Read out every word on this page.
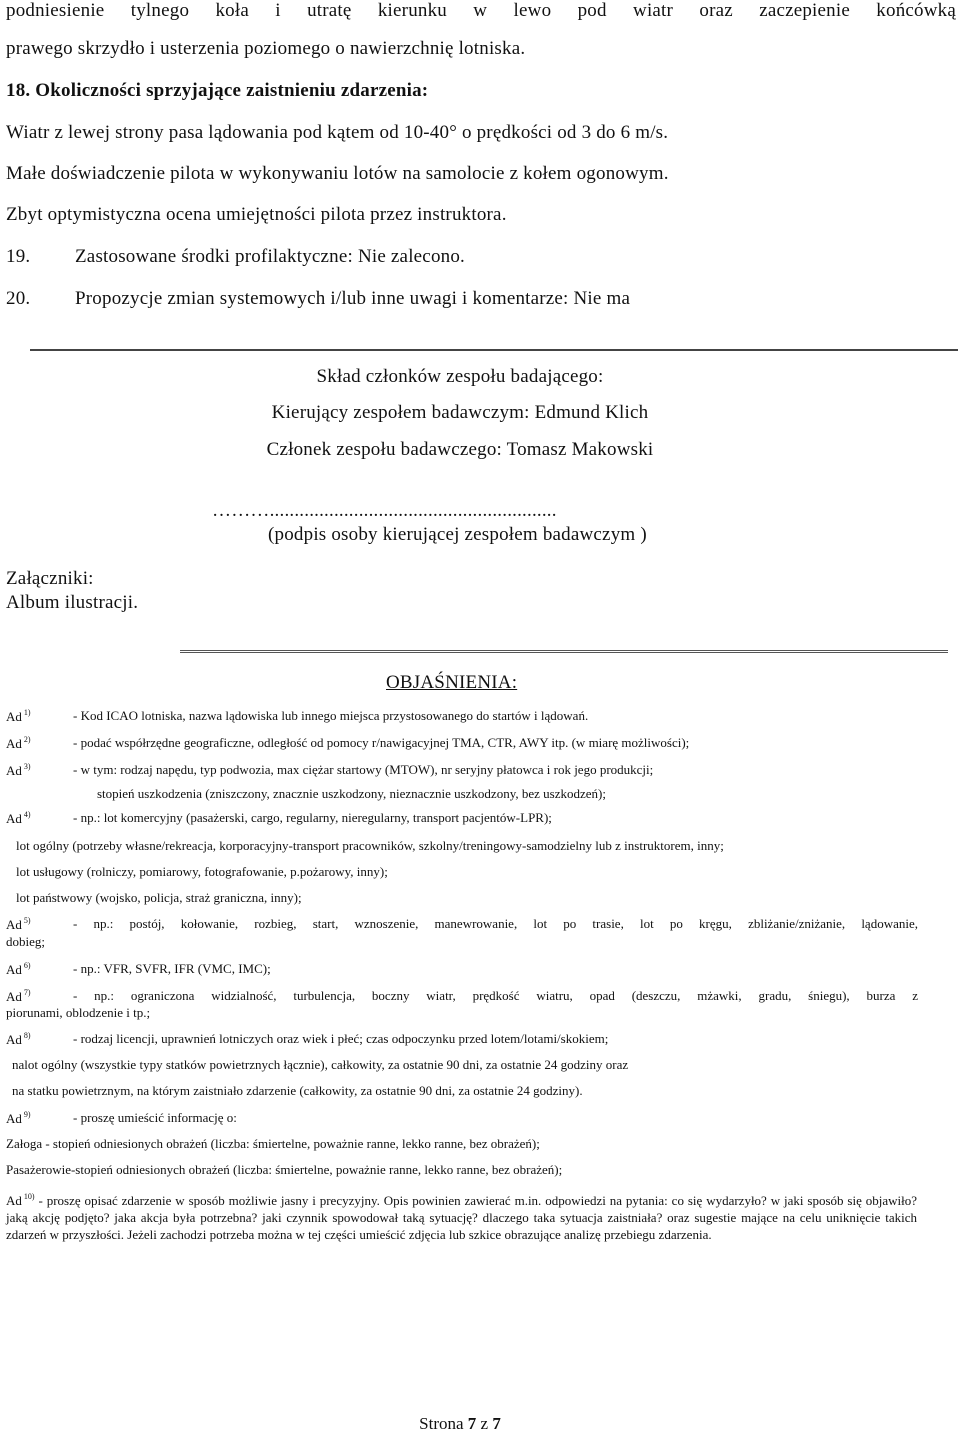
podniesienie tylnego koła i utratę kierunku w lewo pod wiatr oraz zaczepienie końcówką
prawego skrzydło i usterzenia poziomego o nawierzchnię lotniska.
18. Okoliczności sprzyjające zaistnieniu zdarzenia:
Wiatr z lewej strony pasa lądowania pod kątem od 10-40° o prędkości od 3 do 6 m/s.
Małe doświadczenie pilota w wykonywaniu lotów na samolocie z kołem ogonowym.
Zbyt optymistyczna ocena umiejętności pilota przez instruktora.
19. Zastosowane środki profilaktyczne: Nie zalecono.
20. Propozycje zmian systemowych i/lub inne uwagi i komentarze: Nie ma
Skład członków zespołu badającego:
Kierujący zespołem badawczym: Edmund Klich
Członek zespołu badawczego: Tomasz Makowski
………..........................................................
(podpis osoby kierującej zespołem badawczym )
Załączniki:
Album ilustracji.
OBJAŚNIENIA:
Ad $^{1)}$	- Kod ICAO lotniska, nazwa lądowiska lub innego miejsca przystosowanego do startów i lądowań.
Ad $^{2)}$	- podać współrzędne geograficzne, odległość od pomocy r/nawigacyjnej TMA, CTR, AWY itp. (w miarę możliwości);
Ad $^{3)}$	- w tym: rodzaj napędu, typ podwozia, max ciężar startowy (MTOW), nr seryjny płatowca i rok jego produkcji;
stopień uszkodzenia (zniszczony, znacznie uszkodzony, nieznacznie uszkodzony, bez uszkodzeń);
Ad $^{4)}$	- np.: lot komercyjny (pasażerski, cargo, regularny, nieregularny, transport pacjentów-LPR);
lot ogólny (potrzeby własne/rekreacja, korporacyjny-transport pracowników, szkolny/treningowy-samodzielny lub z instruktorem, inny;
lot usługowy (rolniczy, pomiarowy, fotografowanie, p.pożarowy, inny);
lot państwowy (wojsko, policja, straż graniczna, inny);
Ad $^{5)}$	- np.: postój, kołowanie, rozbieg, start, wznoszenie, manewrowanie, lot po trasie, lot po kręgu, zbliżanie/zniżanie, lądowanie,
dobieg;
Ad $^{6)}$	- np.: VFR, SVFR, IFR (VMC, IMC);
Ad $^{7)}$	- np.: ograniczona widzialność, turbulencja, boczny wiatr, prędkość wiatru, opad (deszczu, mżawki, gradu, śniegu), burza z
piorunami, oblodzenie i tp.;
Ad $^{8)}$	- rodzaj licencji, uprawnień lotniczych oraz wiek i płeć; czas odpoczynku przed lotem/lotami/skokiem;
nalot ogólny (wszystkie typy statków powietrznych łącznie), całkowity, za ostatnie 90 dni, za ostatnie 24 godziny oraz
na statku powietrznym, na którym zaistniało zdarzenie (całkowity, za ostatnie 90 dni, za ostatnie 24 godziny).
Ad $^{9)}$	- proszę umieścić informację o:
Załoga - stopień odniesionych obrażeń (liczba: śmiertelne, poważnie ranne, lekko ranne, bez obrażeń);
Pasażerowie-stopień odniesionych obrażeń (liczba: śmiertelne, poważnie ranne, lekko ranne, bez obrażeń);
Ad $^{10)}$ - proszę opisać zdarzenie w sposób możliwie jasny i precyzyjny. Opis powinien zawierać m.in. odpowiedzi na pytania: co się wydarzyło? w jaki sposób się objawiło? jaką akcję podjęto? jaka akcja była potrzebna? jaki czynnik spowodował taką sytuację? dlaczego taka sytuacja zaistniała? oraz sugestie mające na celu uniknięcie takich zdarzeń w przyszłości. Jeżeli zachodzi potrzeba można w tej części umieścić zdjęcia lub szkice obrazujące analizę przebiegu zdarzenia.
Strona 7 z 7
